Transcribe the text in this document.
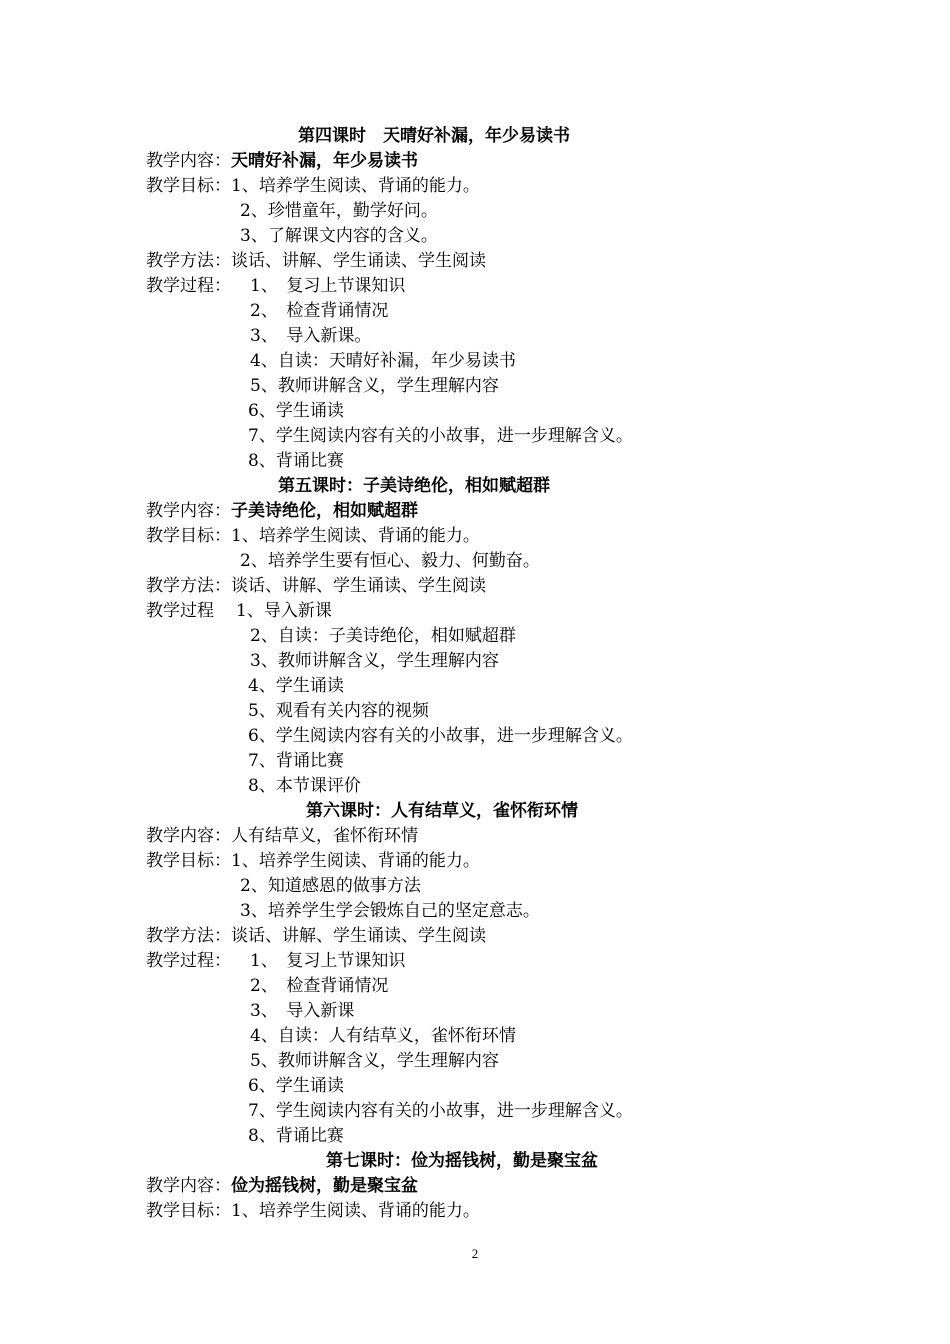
第四课时　天晴好补漏，年少易读书
教学内容：天晴好补漏，年少易读书
教学目标：1、培养学生阅读、背诵的能力。
2、珍惜童年，勤学好问。
3、了解课文内容的含义。
教学方法：谈话、讲解、学生诵读、学生阅读
教学过程： 1、　复习上节课知识
2、　检查背诵情况
3、　导入新课。
4、自读：天晴好补漏，年少易读书
5、教师讲解含义，学生理解内容
6、学生诵读
7、学生阅读内容有关的小故事，进一步理解含义。
8、背诵比赛
第五课时：子美诗绝伦，相如赋超群
教学内容：子美诗绝伦，相如赋超群
教学目标：1、培养学生阅读、背诵的能力。
2、培养学生要有恒心、毅力、何勤奋。
教学方法：谈话、讲解、学生诵读、学生阅读
教学过程 1、导入新课
2、自读：子美诗绝伦，相如赋超群
3、教师讲解含义，学生理解内容
4、学生诵读
5、观看有关内容的视频
6、学生阅读内容有关的小故事，进一步理解含义。
7、背诵比赛
8、本节课评价
第六课时：人有结草义，雀怀衔环情
教学内容：人有结草义，雀怀衔环情
教学目标：1、培养学生阅读、背诵的能力。
2、知道感恩的做事方法
3、培养学生学会锻炼自己的坚定意志。
教学方法：谈话、讲解、学生诵读、学生阅读
教学过程： 1、　复习上节课知识
2、　检查背诵情况
3、　导入新课
4、自读：人有结草义，雀怀衔环情
5、教师讲解含义，学生理解内容
6、学生诵读
7、学生阅读内容有关的小故事，进一步理解含义。
8、背诵比赛
第七课时：俭为摇钱树，勤是聚宝盆
教学内容：俭为摇钱树，勤是聚宝盆
教学目标：1、培养学生阅读、背诵的能力。
2
